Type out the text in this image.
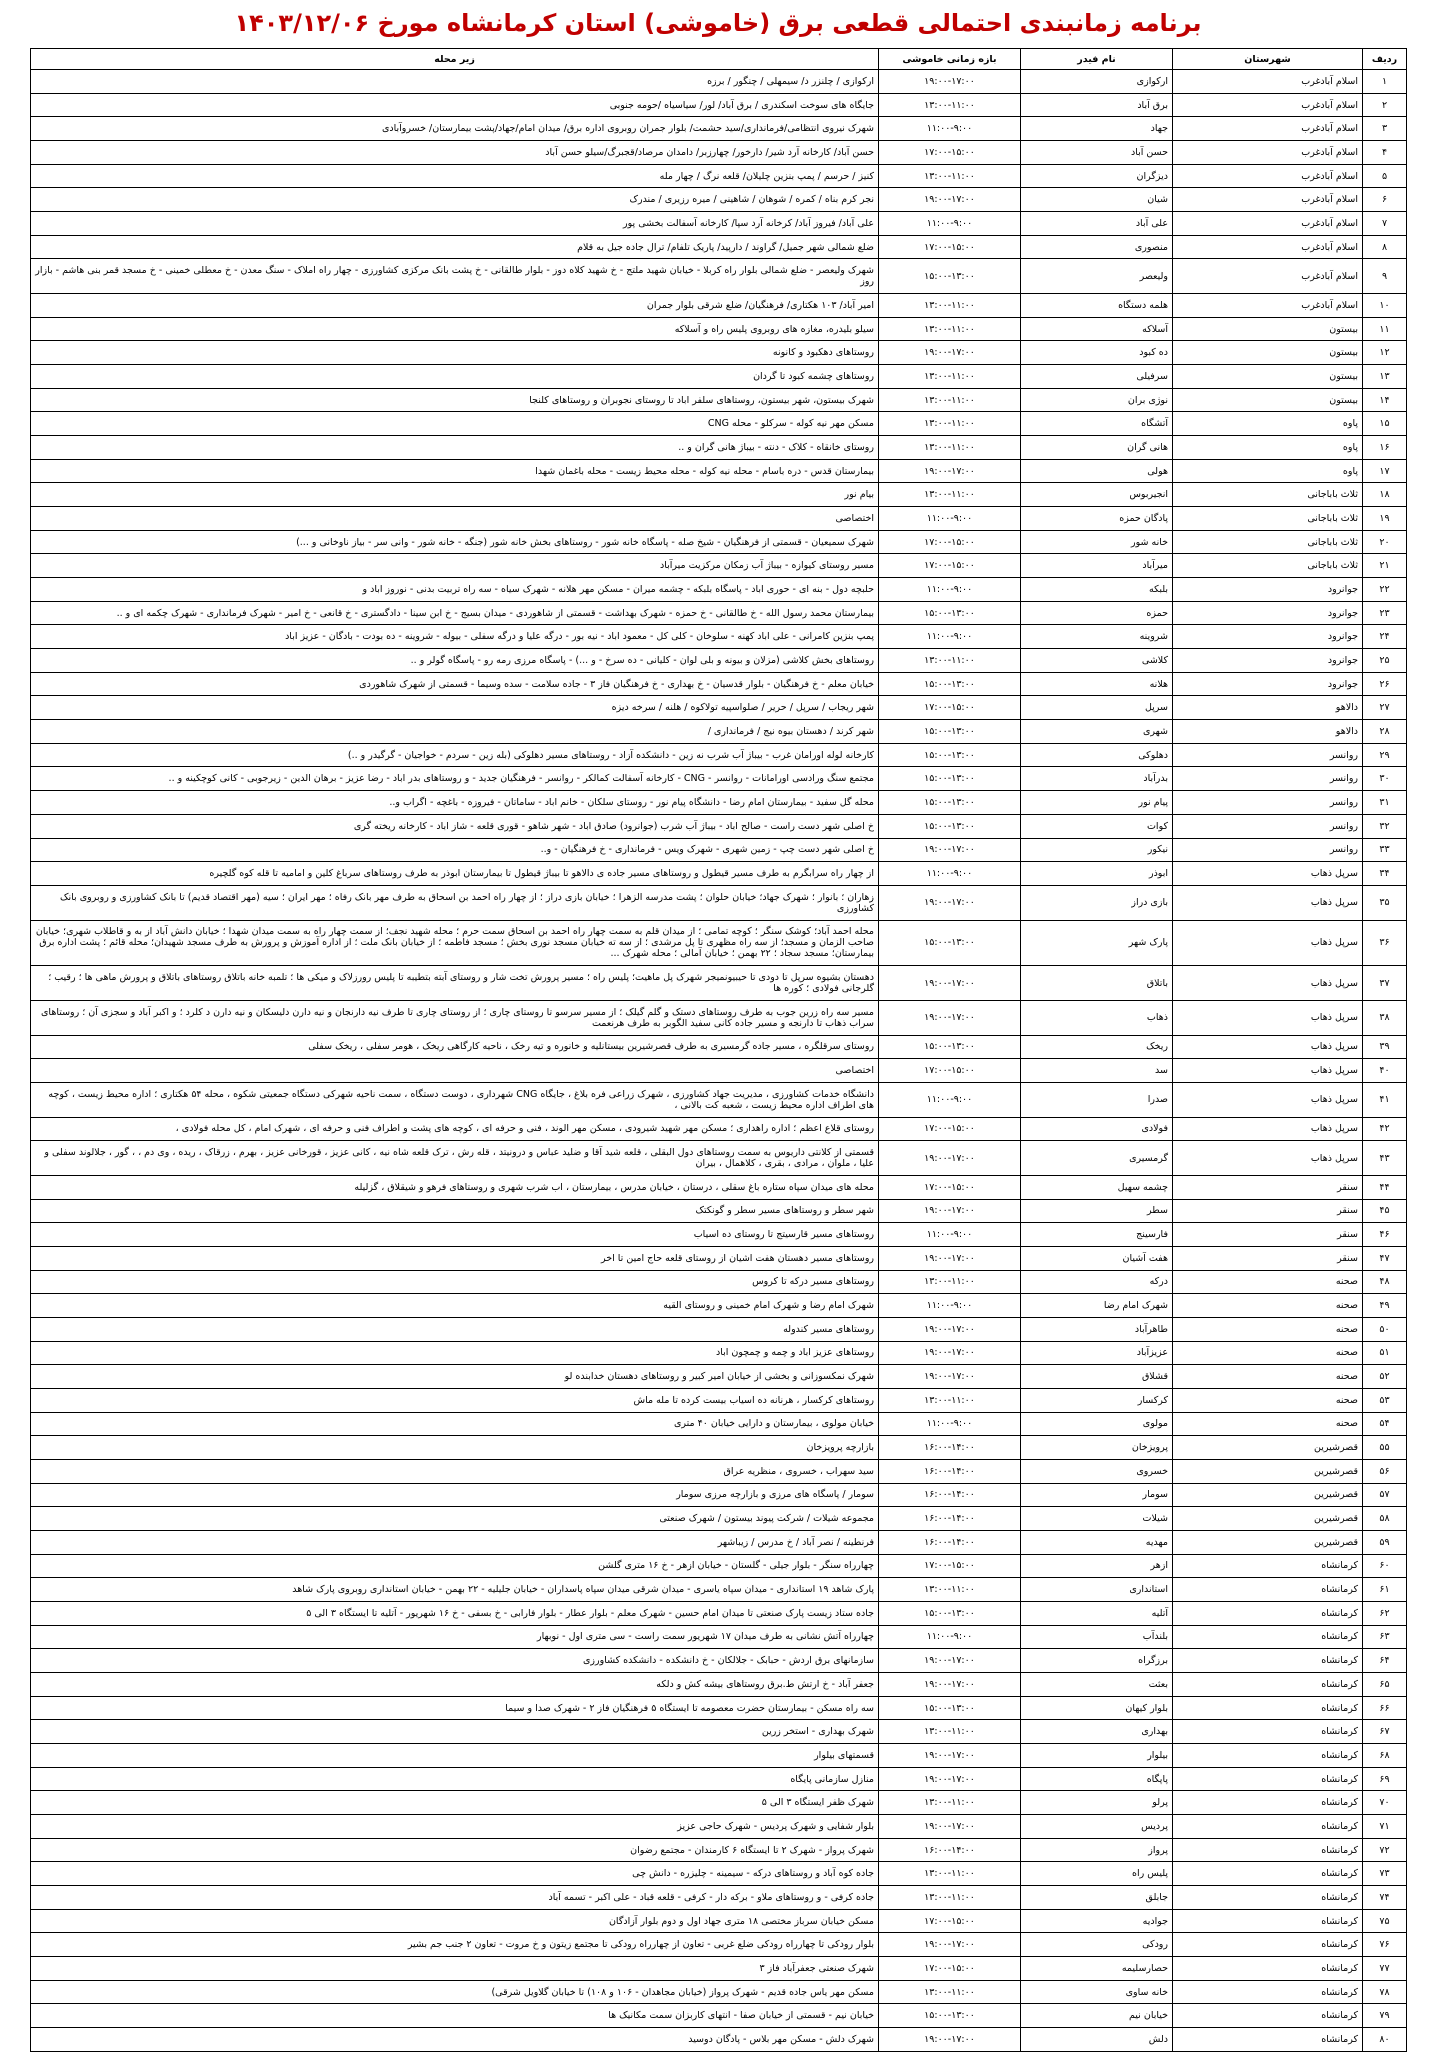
برنامه زمانبندی احتمالی قطعی برق (خاموشی) استان کرمانشاه مورخ ۱۴۰۳/۱۲/۰۶
ردیف	شهرستان	نام فیدر	بازه زمانی خاموشی	زیر محله
۱	اسلام آبادغرب	ارکوازی	۱۹:۰۰-۱۷:۰۰	ارکوازی / چلنزر د/ سیمهلی / چنگور / برزه
۲	اسلام آبادغرب	برق آباد	۱۳:۰۰-۱۱:۰۰	جایگاه های سوخت اسکندری / برق آباد/ لور/ سیاسیاه /حومه جنوبی
۳	اسلام آبادغرب	جهاد	۱۱:۰۰-۹:۰۰	شهرک نیروی انتظامی/فرمانداری/سید حشمت/ بلوار جمران روبروی اداره برق/ میدان امام/جهاد/پشت بیمارستان/ خسروآبادی
۴	اسلام آبادغرب	حسن آباد	۱۷:۰۰-۱۵:۰۰	حسن آباد/ کارخانه آرد شیر/ دارخور/ چهارزبر/ دامدان مرصاد/قجبرگ/سیلو حسن آباد
۵	اسلام آبادغرب	دیزگران	۱۳:۰۰-۱۱:۰۰	کنیز / حرسم / پمپ بنزین چلیلان/ قلعه نرگ / چهار مله
۶	اسلام آبادغرب	شیان	۱۹:۰۰-۱۷:۰۰	نجر کرم بناه / کمره / شوهان / شاهینی / میره رزیری / مندرک
۷	اسلام آبادغرب	علی آباد	۱۱:۰۰-۹:۰۰	علی آباد/ فیروز آباد/ کرخانه آرد سپا/ کارخانه آسفالت بخشی پور
۸	اسلام آبادغرب	منصوری	۱۷:۰۰-۱۵:۰۰	ضلع شمالی شهر جمیل/ گراوند / دارپید/ پاریک تلفام/ ترال جاده جیل به قلام
۹	اسلام آبادغرب	ولیعصر	۱۵:۰۰-۱۳:۰۰	شهرک ولیعصر - ضلع شمالی بلوار راه کربلا - خیابان شهید ملتج - خ شهید کلاه دوز - بلوار طالقانی - خ پشت بانک مرکزی کشاورزی - چهار راه املاک - سنگ معدن - خ معطلی خمینی - خ مسجد قمر بنی هاشم - بازار روز
۱۰	اسلام آبادغرب	هلمه دستگاه	۱۳:۰۰-۱۱:۰۰	امیر آباد/ ۱۰۳ هکتاری/ فرهنگیان/ ضلع شرقی بلوار جمران
۱۱	بیستون	آسلاکه	۱۳:۰۰-۱۱:۰۰	سیلو بلیدره، مغازه های روبروی پلیس راه و آسلاکه
۱۲	بیستون	ده کبود	۱۹:۰۰-۱۷:۰۰	روستاهای دهکبود و کانونه
۱۳	بیستون	سرفیلی	۱۳:۰۰-۱۱:۰۰	روستاهای چشمه کبود تا گردان
۱۴	بیستون	نوژی بران	۱۳:۰۰-۱۱:۰۰	شهرک بیستون، شهر بیستون، روستاهای سلفر اباد تا روستای نجوبران و روستاهای کلنجا
۱۵	پاوه	آتشگاه	۱۳:۰۰-۱۱:۰۰	مسکن مهر نیه کوله - سرکلو - محله CNG
۱۶	پاوه	هانی گران	۱۳:۰۰-۱۱:۰۰	روستای خانقاه - کلاک - دنته - بیباژ هانی گران و ..
۱۷	پاوه	هولی	۱۹:۰۰-۱۷:۰۰	بیمارستان قدس - دره باسام - محله نیه کوله - محله محیط زیست - محله باغمان شهدا
۱۸	ثلاث باباجانی	انجیربوس	۱۳:۰۰-۱۱:۰۰	بیام نور
۱۹	ثلاث باباجانی	پادگان حمزه	۱۱:۰۰-۹:۰۰	اختصاصی
۲۰	ثلاث باباجانی	خانه شور	۱۷:۰۰-۱۵:۰۰	شهرک سمیعیان - قسمتی از فرهنگیان - شیخ صله - پاسگاه خانه شور - روستاهای بخش خانه شور (جنگه - خانه شور - وانی سر - بیاز ناوخانی و ...)
۲۱	ثلاث باباجانی	میرآباد	۱۷:۰۰-۱۵:۰۰	مسیر روستای کیوازه - بیباژ آب زمکان مرکزیت میرآباد
۲۲	جوانرود	بلبکه	۱۱:۰۰-۹:۰۰	حلبچه دول - بنه ای - حوری اباد - پاسگاه بلبکه - چشمه میران - مسکن مهر هلانه - شهرک سیاه - سه راه تربیت بدنی - نوروز اباد و
۲۳	جوانرود	حمزه	۱۵:۰۰-۱۳:۰۰	بیمارستان محمد رسول الله - خ طالقانی - خ حمزه - شهرک بهداشت - قسمتی از شاهوردی - میدان بسیج - خ ابن سینا - دادگستری - خ قانعی - خ امیر - شهرک فرمانداری - شهرک چکمه ای و ..
۲۴	جوانرود	شروینه	۱۱:۰۰-۹:۰۰	پمپ بنزین کامرانی - علی اباد کهنه - سلوخان - کلی کل - معمود اباد - نیه بور - درگه علیا و درگه سفلی - بیوله - شروینه - ده بودت - بادگان - عزیز اباد
۲۵	جوانرود	کلاشی	۱۳:۰۰-۱۱:۰۰	روستاهای بخش کلاشی (مزلان و بیونه و بلی لوان - کلیانی - ده سرخ - و ...) - پاسگاه مرزی رمه رو - پاسگاه گولر و ..
۲۶	جوانرود	هلانه	۱۵:۰۰-۱۳:۰۰	خیابان معلم - خ فرهنگیان - بلوار قدسیان - خ بهداری - خ فرهنگیان فاز ۳ - جاده سلامت - سده وسیما - قسمتی از شهرک شاهوردی
۲۷	دالاهو	سرپل	۱۷:۰۰-۱۵:۰۰	شهر ریجاب / سرپل / حریر / صلواسپیه تولاکوه / هلنه / سرخه دیزه
۲۸	دالاهو	شهری	۱۵:۰۰-۱۳:۰۰	شهر کرند / دهستان بیوه نیج / فرمانداری /
۲۹	روانسر	دهلوکی	۱۵:۰۰-۱۳:۰۰	کارخانه لوله اورامان غرب - بیباژ آب شرب نه زین - دانشکده آزاد - روستاهای مسیر دهلوکی (بله زین - سردم - خواجیان - گرگیدر و ..)
۳۰	روانسر	بدرآباد	۱۵:۰۰-۱۳:۰۰	مجتمع سنگ ورادسی اورامانات - روانسر - CNG - کارخانه آسفالت کمالکر - روانسر - فرهنگیان جدید - و روستاهای بدر اباد - رضا عزیز - برهان الدین - زیرجوبی - کانی کوچکینه و ..
۳۱	روانسر	پیام نور	۱۵:۰۰-۱۳:۰۰	محله گل سفید - بیمارستان امام رضا - دانشگاه پیام نور - روستای سلکان - خانم اباد - ساماتان - فیروزه - باغچه - اگراب و..
۳۲	روانسر	کوات	۱۵:۰۰-۱۳:۰۰	خ اصلی شهر دست راست - صالح اباد - بیباژ آب شرب (جوانرود) صادق اباد - شهر شاهو - قوری قلعه - شاز اباد - کارخانه ریخته گری
۳۳	روانسر	نیکور	۱۹:۰۰-۱۷:۰۰	خ اصلی شهر دست چپ - زمین شهری - شهرک ویس - فرمانداری - خ فرهنگیان - و..
۳۴	سرپل ذهاب	ابوذر	۱۱:۰۰-۹:۰۰	از چهار راه سرابگرم به طرف مسیر قیطول و روستاهای مسیر جاده ی دالاهو تا بیباژ قیطول تا بیمارستان ابوذر به طرف روستاهای سرباغ کلین و امامیه تا قله کوه گلچیره
۳۵	سرپل ذهاب	بازی دراز	۱۹:۰۰-۱۷:۰۰	زهاران ؛ بانوار ؛ شهرک جهاد؛ خیابان حلوان ؛ پشت مدرسه الزهرا ؛ خیابان بازی دراز ؛ از چهار راه احمد بن اسحاق به طرف مهر بانک رفاه ؛ مهر ایران ؛ سیه (مهر اقتصاد قدیم) تا بانک کشاورزی و روبروی بانک کشاورزی
۳۶	سرپل ذهاب	پارک شهر	۱۵:۰۰-۱۳:۰۰	محله احمد آباد؛ کوشک سنگر ؛ کوچه تمامی ؛ از میدان قلم به سمت چهار راه احمد بن اسحاق سمت حرم ؛ محله شهید نجف؛ از سمت چهار راه به سمت میدان شهدا ؛ خیابان دانش آباد از به و قاطلاب شهری؛ خیابان صاحب الزمان و مسجد؛ از سه راه مظهری تا پل مرشدی ؛ از سه ته خیابان مسجد نوری بخش ؛ مسجد فاطمه ؛ از خیابان بانک ملت ؛ از اداره آموزش و پرورش به طرف مسجد شهیدان؛ محله قائم ؛ پشت اداره برق بیمارستان؛ مسجد سجاد ؛ ۲۲ بهمن ؛ خیابان آمالی ؛ محله شهرک ...
۳۷	سرپل ذهاب	باتلاق	۱۹:۰۰-۱۷:۰۰	دهستان بشیوه سرپل تا دودی تا حیبیونمیجر شهرک پل ماهیت؛ پلیس راه ؛ مسیر پرورش تخت شار و روستای آبته بتطیبه تا پلیس رورزلاک و میکی ها ؛ تلمبه خانه باتلاق روستاهای باتلاق و پرورش ماهی ها ؛ رقیب ؛ گلرجانی فولادی ؛ کوره ها
۳۸	سرپل ذهاب	ذهاب	۱۹:۰۰-۱۷:۰۰	مسیر سه راه زرین جوب به طرف روستاهای دستک و گلم گیلک ؛ از مسیر سرسو تا روستای چاری ؛ از روستای چاری تا طرف نیه دارنجان و نیه دارن دلیسکان و نیه دارن د کلرد ؛ و اکبر آباد و سجزی آن ؛ روستاهای سراب ذهاب تا دارنجه و مسیر جاده کانی سفید الگوبر به طرف هرنعمت
۳۹	سرپل ذهاب	ریخک	۱۵:۰۰-۱۳:۰۰	روستای سرقلگره ، مسیر جاده گرمسیری به طرف قصرشیرین بیستانلیه و خانوره و تیه رخک ، ناحیه کارگاهی ریخک ، هومر سفلی ، ریخک سفلی
۴۰	سرپل ذهاب	سد	۱۷:۰۰-۱۵:۰۰	اختصاصی
۴۱	سرپل ذهاب	صدرا	۱۱:۰۰-۹:۰۰	دانشگاه خدمات کشاورزی ، مدیریت جهاد کشاورزی ، شهرک زراعی فره بلاغ ، جایگاه CNG شهرداری ، دوست دستگاه ، سمت ناحیه شهرکی دستگاه جمعیتی شکوه ، محله ۵۴ هکتاری ؛ اداره محیط زیست ، کوچه های اطراف اداره محیط زیست ، شعبه کت بالانی ،
۴۲	سرپل ذهاب	فولادی	۱۷:۰۰-۱۵:۰۰	روستای قلاع اعظم ؛ اداره راهداری ؛ مسکن مهر شهید شیرودی ، مسکن مهر الوند ، فنی و حرفه ای ، کوچه های پشت و اطراف فنی و حرفه ای ، شهرک امام ، کل محله فولادی ،
۴۳	سرپل ذهاب	گرمسیری	۱۹:۰۰-۱۷:۰۰	قسمتی از کلانتی داریوس به سمت روستاهای دول البقلی ، قلعه شید آقا و ضلید عباس و درونیتد ، قله رش ، ترک قلعه شاه نیه ، کانی عزیز ، قورخانی عزیز ، بهرم ، زرقاک ، ریده ، وی دم ، ، گور ، جلالوند سفلی و علیا ، ملوان ، مرادی ، بقری ، کلاهمال ، بیران
۴۴	سنقر	چشمه سهیل	۱۷:۰۰-۱۵:۰۰	محله های میدان سپاه ستاره باغ سقلی ، درستان ، خیابان مدرس ، بیمارستان ، اب شرب شهری و روستاهای فرهو و شیقلاق ، گزلیله
۴۵	سنقر	سطر	۱۹:۰۰-۱۷:۰۰	شهر سطر و روستاهای مسیر سطر و گونکتک
۴۶	سنقر	فارسینج	۱۱:۰۰-۹:۰۰	روستاهای مسیر قارسیتج تا روستای ده اسیاب
۴۷	سنقر	هفت آشیان	۱۹:۰۰-۱۷:۰۰	روستاهای مسیر دهستان هفت اشیان از روستای قلعه حاج امین تا اخر
۴۸	صحنه	درکه	۱۳:۰۰-۱۱:۰۰	روستاهای مسیر درکه تا کروس
۴۹	صحنه	شهرک امام رضا	۱۱:۰۰-۹:۰۰	شهرک امام رضا و شهرک امام خمینی و روستای القیه
۵۰	صحنه	طاهرآباد	۱۹:۰۰-۱۷:۰۰	روستاهای مسیر کندوله
۵۱	صحنه	عزیزآباد	۱۹:۰۰-۱۷:۰۰	روستاهای عزیز اباد و چمه و چمچون اباد
۵۲	صحنه	قشلاق	۱۹:۰۰-۱۷:۰۰	شهرک نمکسوزانی و بخشی از خیابان امیر کبیر و روستاهای دهستان خدابنده لو
۵۳	صحنه	کرکسار	۱۳:۰۰-۱۱:۰۰	روستاهای کرکسار ، هرنانه ده اسیاب بیست کرده تا مله ماش
۵۴	صحنه	مولوی	۱۱:۰۰-۹:۰۰	خیابان مولوی ، بیمارستان و دارایی خیابان ۴۰ متری
۵۵	قصرشیرین	پرویزخان	۱۶:۰۰-۱۴:۰۰	بازارچه پرویزخان
۵۶	قصرشیرین	خسروی	۱۶:۰۰-۱۴:۰۰	سید سهراب ، خسروی ، منظریه عراق
۵۷	قصرشیرین	سومار	۱۶:۰۰-۱۴:۰۰	سومار / پاسگاه های مرزی و بازارچه مرزی سومار
۵۸	قصرشیرین	شیلات	۱۶:۰۰-۱۴:۰۰	مجموعه شیلات / شرکت پیوند بیستون / شهرک صنعتی
۵۹	قصرشیرین	مهدیه	۱۶:۰۰-۱۴:۰۰	فرنطینه / نصر آباد / خ مدرس / زیباشهر
۶۰	کرمانشاه	ازهر	۱۷:۰۰-۱۵:۰۰	چهارراه سنگر - بلوار جیلی - گلستان - خیابان ازهر - خ ۱۶ متری گلشن
۶۱	کرمانشاه	استانداری	۱۳:۰۰-۱۱:۰۰	پارک شاهد ۱۹ استانداری - میدان سپاه یاسری - میدان شرقی میدان سپاه پاسداران - خیابان جلیلیه - ۲۲ بهمن - خیابان استانداری روبروی پارک شاهد
۶۲	کرمانشاه	آتلیه	۱۵:۰۰-۱۳:۰۰	جاده ستاد زیست پارک صنعتی تا میدان امام حسین - شهرک معلم - بلوار عطار - بلوار فارابی - خ بسفی - خ ۱۶ شهریور - آتلیه تا ایستگاه ۳ الی ۵
۶۳	کرمانشاه	بلندآب	۱۱:۰۰-۹:۰۰	چهارراه آتش نشانی به طرف میدان ۱۷ شهریور سمت راست - سی متری اول - نوبهار
۶۴	کرمانشاه	برزگراه	۱۹:۰۰-۱۷:۰۰	سازمانهای برق اردش - حبابک - جلالکان - خ دانشکده - دانشکده کشاورزی
۶۵	کرمانشاه	بعثت	۱۹:۰۰-۱۷:۰۰	جعفر آباد - خ ارتش ط.برق روستاهای بیشه کش و دلکه
۶۶	کرمانشاه	بلوار کیهان	۱۵:۰۰-۱۳:۰۰	سه راه مسکن - بیمارستان حضرت معصومه تا ایستگاه ۵ فرهنگیان فاز ۲ - شهرک صدا و سیما
۶۷	کرمانشاه	بهداری	۱۳:۰۰-۱۱:۰۰	شهرک بهداری - استخر زرین
۶۸	کرمانشاه	بیلوار	۱۹:۰۰-۱۷:۰۰	قسمتهای بیلوار
۶۹	کرمانشاه	پاپگاه	۱۹:۰۰-۱۷:۰۰	منازل سازمانی پایگاه
۷۰	کرمانشاه	پرلو	۱۳:۰۰-۱۱:۰۰	شهرک ظفر ایستگاه ۳ الی ۵
۷۱	کرمانشاه	پردیس	۱۹:۰۰-۱۷:۰۰	بلوار شفایی و شهرک پردیس - شهرک حاجی عزیز
۷۲	کرمانشاه	پرواز	۱۶:۰۰-۱۴:۰۰	شهرک پرواز - شهرک ۲ تا ایستگاه ۶ کارمندان - مجتمع رضوان
۷۳	کرمانشاه	پلیس راه	۱۳:۰۰-۱۱:۰۰	جاده کوه آباد و روستاهای درکه - سیمینه - چلیزره - دانش چی
۷۴	کرمانشاه	جابلق	۱۳:۰۰-۱۱:۰۰	جاده کرفی - و روستاهای ملاو - برکه دار - کرفی - قلعه قباد - علی اکبر - تسمه آباد
۷۵	کرمانشاه	جوادیه	۱۷:۰۰-۱۵:۰۰	مسکن خیابان سرباز مختصی ۱۸ متری جهاد اول و دوم بلوار آزادگان
۷۶	کرمانشاه	رودکی	۱۹:۰۰-۱۷:۰۰	بلوار رودکی تا چهارراه رودکی ضلع غربی - تعاون از چهارراه رودکی تا مجتمع زیتون و خ مروت - تعاون ۲ جنب جم بشیر
۷۷	کرمانشاه	حصارسلیمه	۱۷:۰۰-۱۵:۰۰	شهرک صنعتی جعفرآباد فاز ۳
۷۸	کرمانشاه	خانه ساوی	۱۳:۰۰-۱۱:۰۰	مسکن مهر یاس جاده قدیم - شهرک پرواز (خیابان مجاهدان - ۱۰۶ و ۱۰۸) تا خیابان گلاویل شرقی)
۷۹	کرمانشاه	خیابان نیم	۱۵:۰۰-۱۳:۰۰	خیابان نیم - قسمتی از خیابان صفا - انتهای کاربزان سمت مکانیک ها
۸۰	کرمانشاه	دلش	۱۹:۰۰-۱۷:۰۰	شهرک دلش - مسکن مهر بلاس - پادگان دوسید
